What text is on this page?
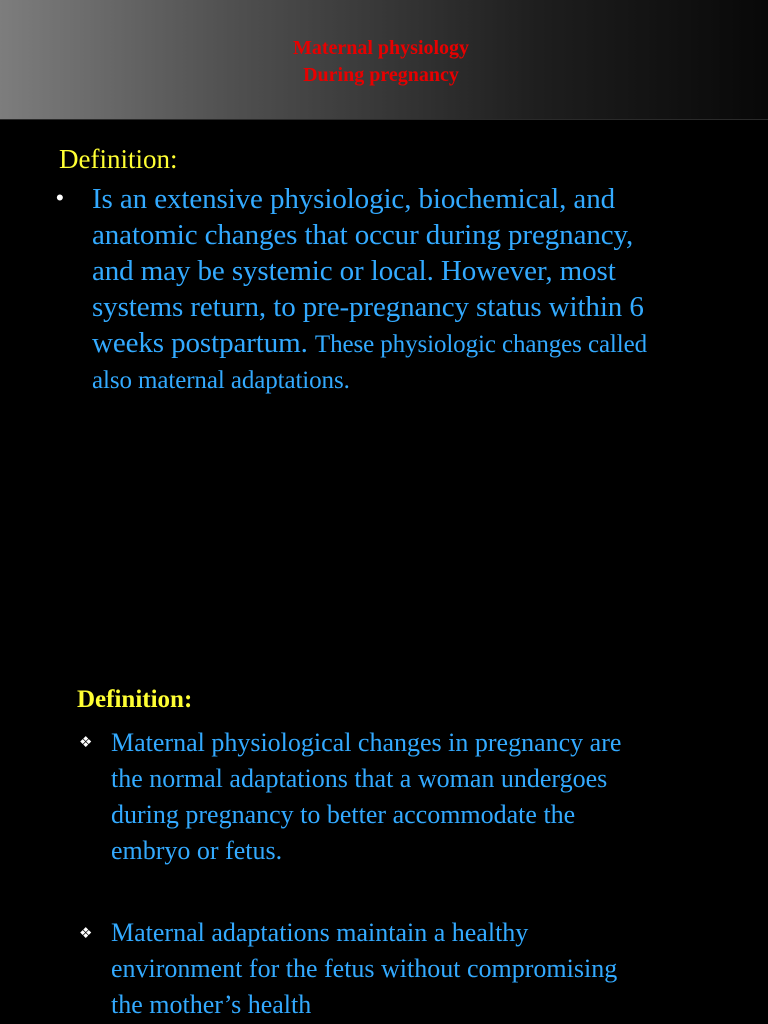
Maternal physiology
During pregnancy
Definition:
• Is an extensive physiologic, biochemical, and
anatomic changes that occur during pregnancy,
and may be systemic or local. However, most
systems return, to pre-pregnancy status within 6
weeks postpartum. These physiologic changes called
also maternal adaptations.
Definition:
❖ Maternal physiological changes in pregnancy are
the normal adaptations that a woman undergoes
during pregnancy to better accommodate the
embryo or fetus.
❖ Maternal adaptations maintain a healthy
environment for the fetus without compromising
the mother’s health
